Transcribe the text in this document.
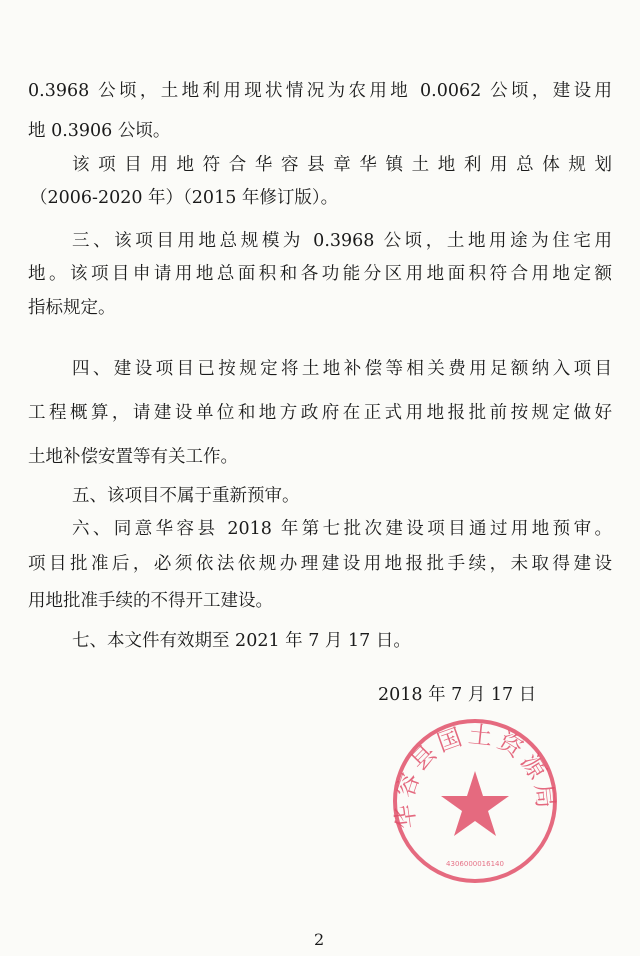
0.3968 公顷，土地利用现状情况为农用地 0.0062 公顷，建设用
地 0.3906 公顷。
该项目用地符合华容县章华镇土地利用总体规划
（2006-2020 年）（2015 年修订版）。
三、该项目用地总规模为 0.3968 公顷，土地用途为住宅用
地。该项目申请用地总面积和各功能分区用地面积符合用地定额
指标规定。
四、建设项目已按规定将土地补偿等相关费用足额纳入项目
工程概算，请建设单位和地方政府在正式用地报批前按规定做好
土地补偿安置等有关工作。
五、该项目不属于重新预审。
六、同意华容县 2018 年第七批次建设项目通过用地预审。
项目批准后，必须依法依规办理建设用地报批手续，未取得建设
用地批准手续的不得开工建设。
七、本文件有效期至 2021 年 7 月 17 日。
2018 年 7 月 17 日
华容县国土资源局
4306000016140
2
